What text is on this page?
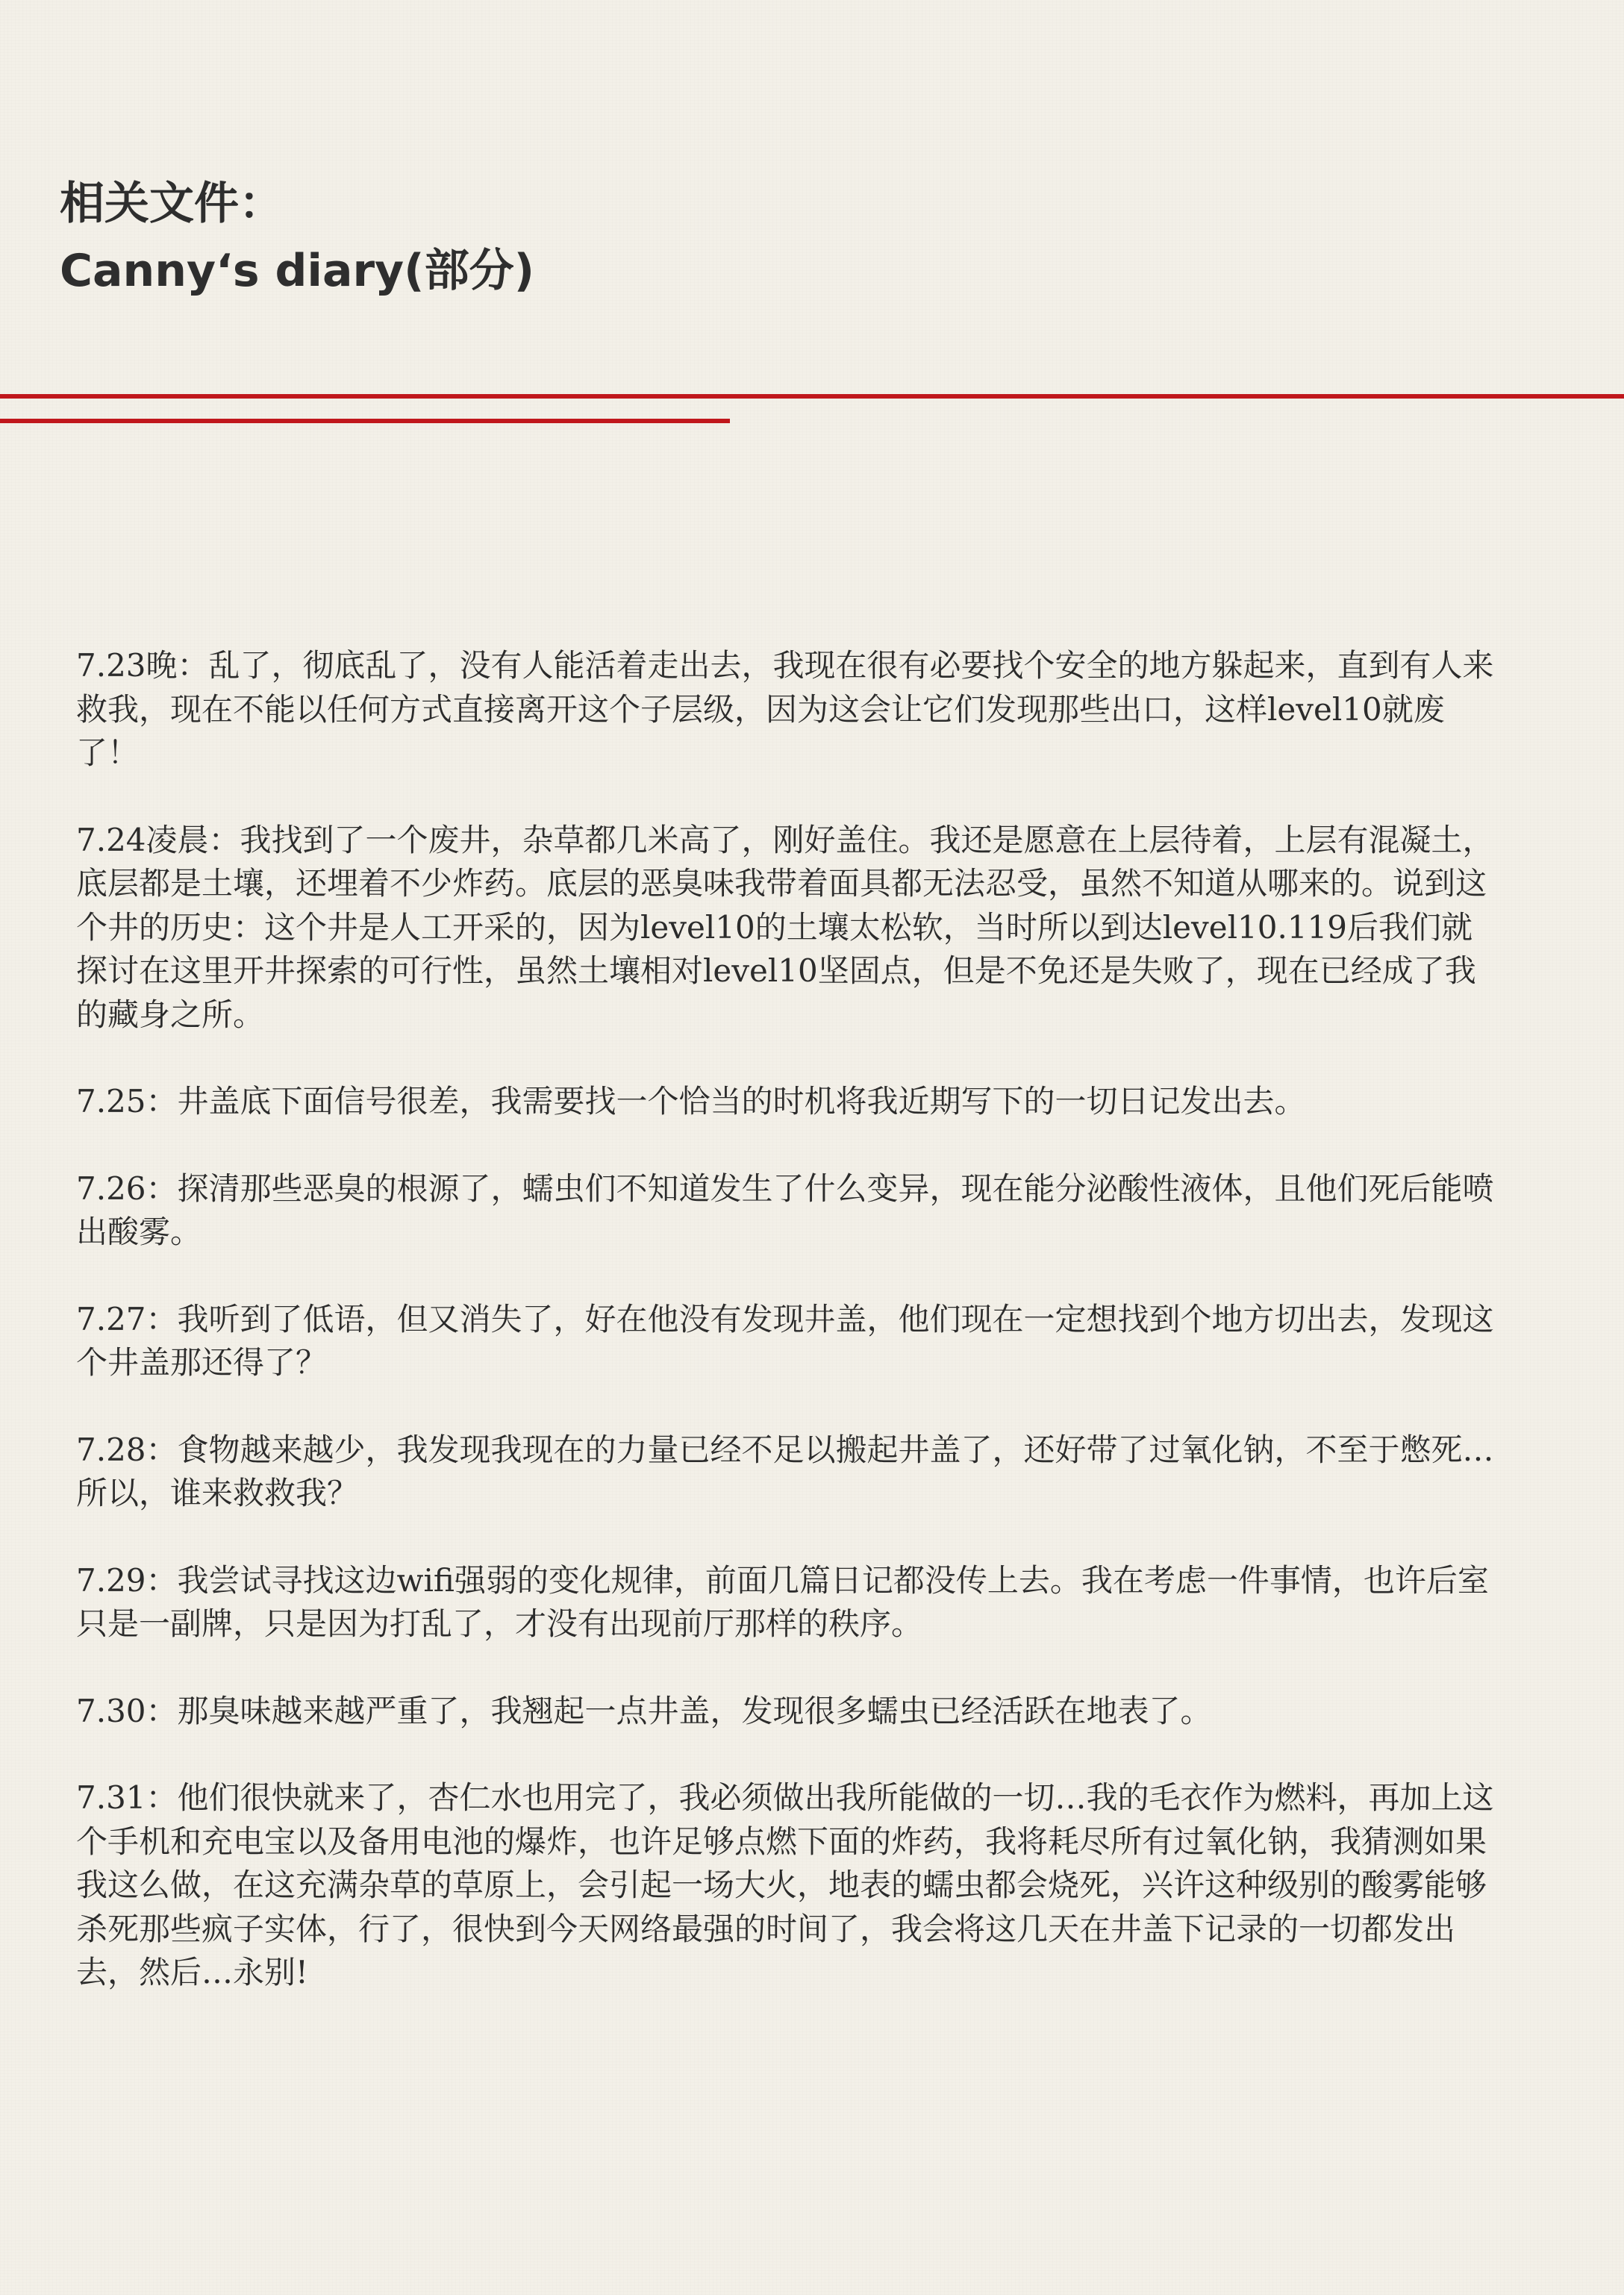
相关文件：
Canny‘s diary(部分)

7.23晚：乱了，彻底乱了，没有人能活着走出去，我现在很有必要找个安全的地方躲起来，直到有人来救我，现在不能以任何方式直接离开这个子层级，因为这会让它们发现那些出口，这样level10就废了！

7.24凌晨：我找到了一个废井，杂草都几米高了，刚好盖住。我还是愿意在上层待着，上层有混凝土，底层都是土壤，还埋着不少炸药。底层的恶臭味我带着面具都无法忍受，虽然不知道从哪来的。说到这个井的历史：这个井是人工开采的，因为level10的土壤太松软，当时所以到达level10.119后我们就探讨在这里开井探索的可行性，虽然土壤相对level10坚固点，但是不免还是失败了，现在已经成了我的藏身之所。

7.25：井盖底下面信号很差，我需要找一个恰当的时机将我近期写下的一切日记发出去。

7.26：探清那些恶臭的根源了，蠕虫们不知道发生了什么变异，现在能分泌酸性液体，且他们死后能喷出酸雾。

7.27：我听到了低语，但又消失了，好在他没有发现井盖，他们现在一定想找到个地方切出去，发现这个井盖那还得了？

7.28：食物越来越少，我发现我现在的力量已经不足以搬起井盖了，还好带了过氧化钠，不至于憋死…所以，谁来救救我？

7.29：我尝试寻找这边wifi强弱的变化规律，前面几篇日记都没传上去。我在考虑一件事情，也许后室只是一副牌，只是因为打乱了，才没有出现前厅那样的秩序。

7.30：那臭味越来越严重了，我翘起一点井盖，发现很多蠕虫已经活跃在地表了。

7.31：他们很快就来了，杏仁水也用完了，我必须做出我所能做的一切…我的毛衣作为燃料，再加上这个手机和充电宝以及备用电池的爆炸，也许足够点燃下面的炸药，我将耗尽所有过氧化钠，我猜测如果我这么做，在这充满杂草的草原上，会引起一场大火，地表的蠕虫都会烧死，兴许这种级别的酸雾能够杀死那些疯子实体，行了，很快到今天网络最强的时间了，我会将这几天在井盖下记录的一切都发出去，然后…永别!
